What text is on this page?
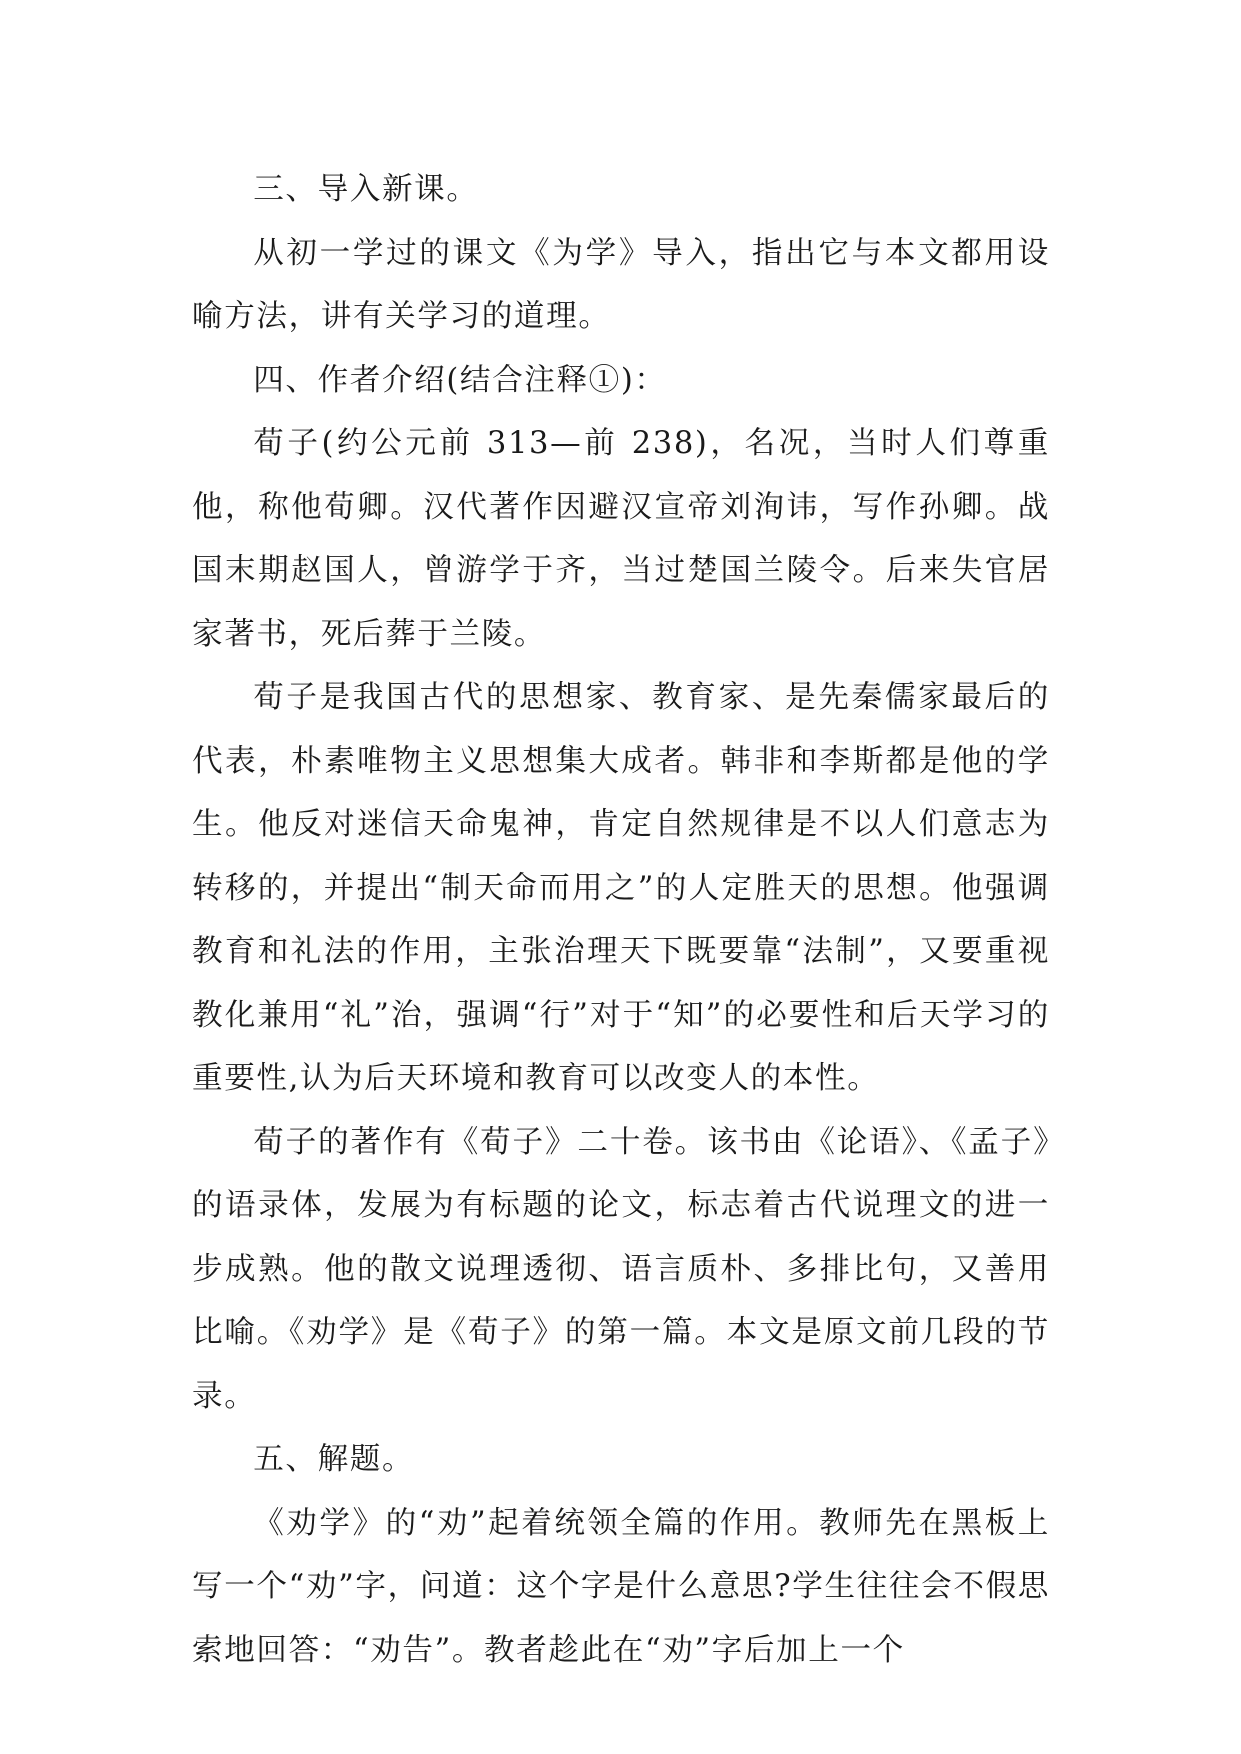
三、导入新课。

从初一学过的课文《为学》导入，指出它与本文都用设喻方法，讲有关学习的道理。

四、作者介绍(结合注释①)：

荀子(约公元前 313—前 238)，名况，当时人们尊重他，称他荀卿。汉代著作因避汉宣帝刘洵讳，写作孙卿。战国末期赵国人，曾游学于齐，当过楚国兰陵令。后来失官居家著书，死后葬于兰陵。

荀子是我国古代的思想家、教育家、是先秦儒家最后的代表，朴素唯物主义思想集大成者。韩非和李斯都是他的学生。他反对迷信天命鬼神，肯定自然规律是不以人们意志为转移的，并提出“制天命而用之”的人定胜天的思想。他强调教育和礼法的作用，主张治理天下既要靠“法制”，又要重视教化兼用“礼”治，强调“行”对于“知”的必要性和后天学习的重要性,认为后天环境和教育可以改变人的本性。

荀子的著作有《荀子》二十卷。该书由《论语》、《孟子》的语录体，发展为有标题的论文，标志着古代说理文的进一步成熟。他的散文说理透彻、语言质朴、多排比句，又善用比喻。《劝学》是《荀子》的第一篇。本文是原文前几段的节录。

五、解题。

《劝学》的“劝”起着统领全篇的作用。教师先在黑板上写一个“劝”字，问道：这个字是什么意思?学生往往会不假思索地回答：“劝告”。教者趁此在“劝”字后加上一个
